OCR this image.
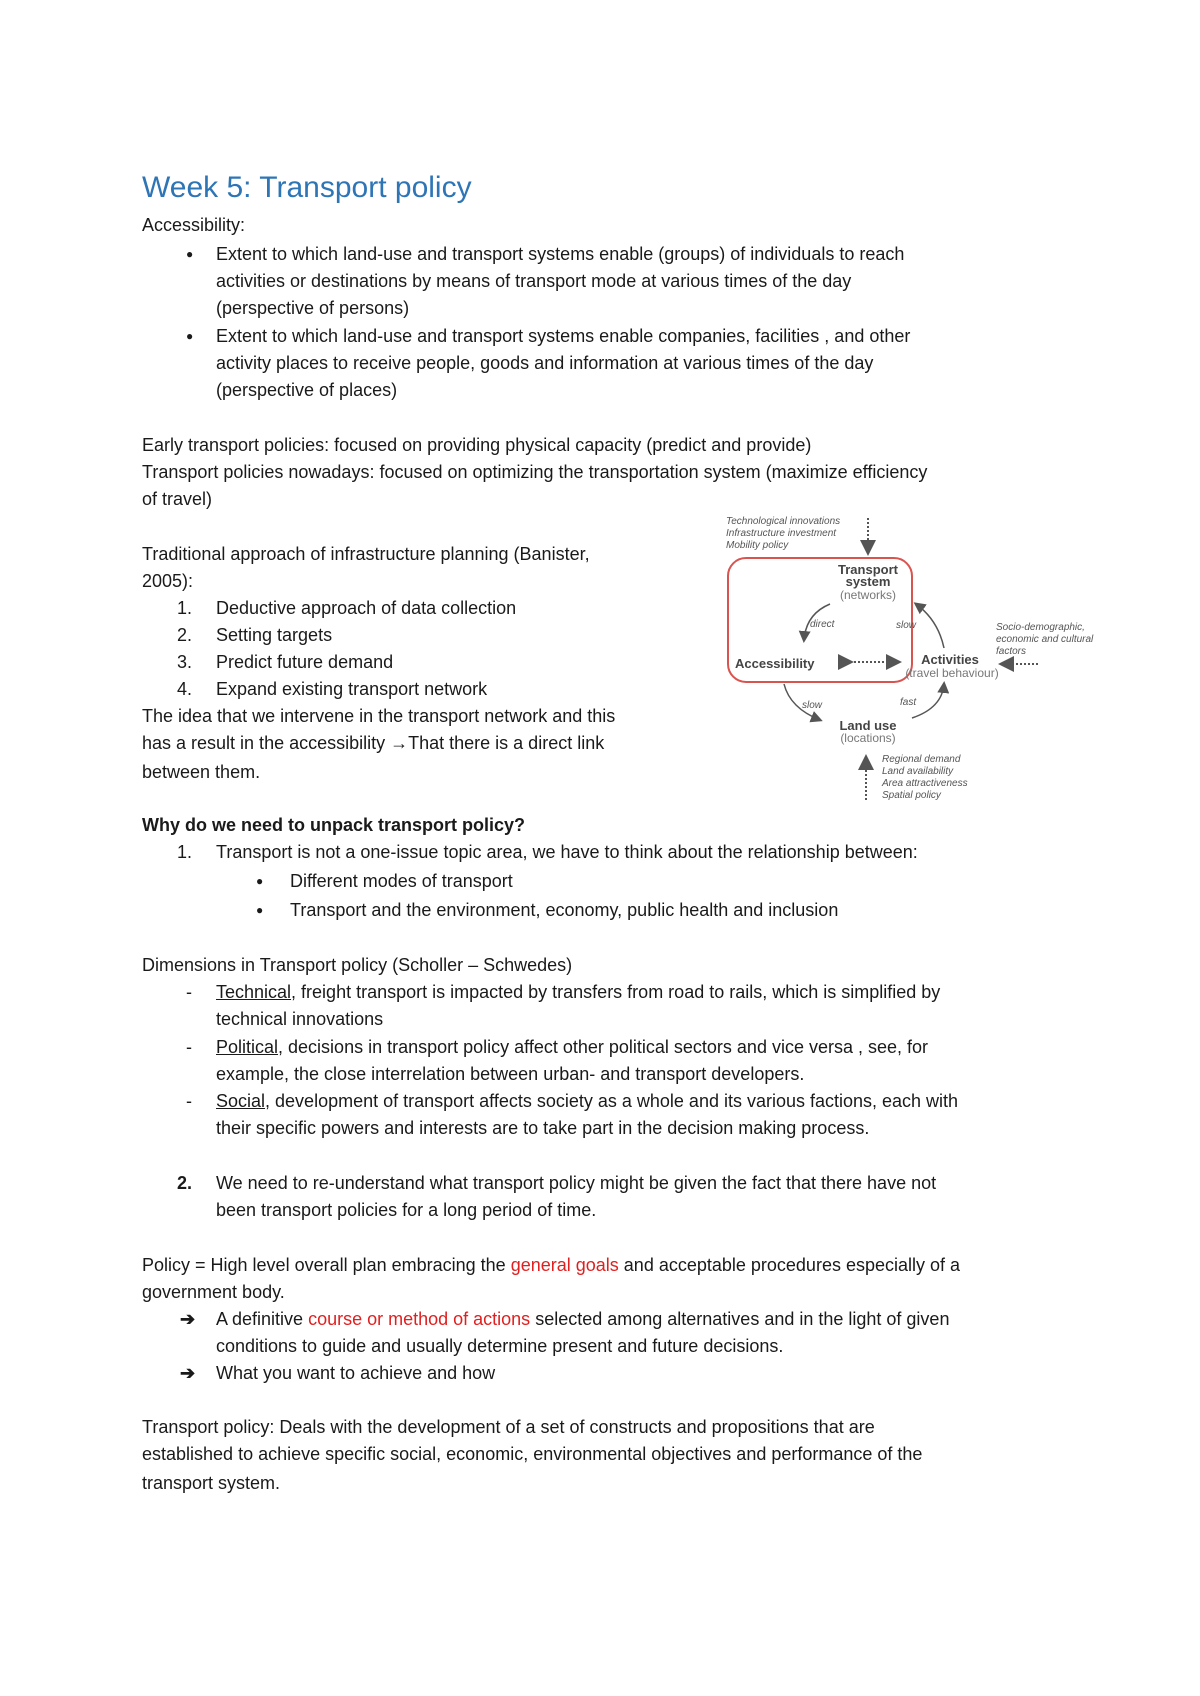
Week 5: Transport policy
Accessibility:
● Extent to which land-use and transport systems enable (groups) of individuals to reach
activities or destinations by means of transport mode at various times of the day
(perspective of persons)
● Extent to which land-use and transport systems enable companies, facilities , and other
activity places to receive people, goods and information at various times of the day
(perspective of places)
Early transport policies: focused on providing physical capacity (predict and provide)
Transport policies nowadays: focused on optimizing the transportation system (maximize efficiency
of travel)
Traditional approach of infrastructure planning (Banister,
2005):
1. Deductive approach of data collection
2. Setting targets
3. Predict future demand
4. Expand existing transport network
The idea that we intervene in the transport network and this
has a result in the accessibility →That there is a direct link
between them.
Technological innovations
Infrastructure investment
Mobility policy
Transport
system
(networks)
Accessibility	Activities
(travel behaviour)
direct	slow
slow	fast
Land use
(locations)
Socio-demographic,
economic and cultural
factors
Regional demand
Land availability
Area attractiveness
Spatial policy
Why do we need to unpack transport policy?
1. Transport is not a one-issue topic area, we have to think about the relationship between:
● Different modes of transport
● Transport and the environment, economy, public health and inclusion
Dimensions in Transport policy (Scholler – Schwedes)
- Technical, freight transport is impacted by transfers from road to rails, which is simplified by
technical innovations
- Political, decisions in transport policy affect other political sectors and vice versa , see, for
example, the close interrelation between urban- and transport developers.
- Social, development of transport affects society as a whole and its various factions, each with
their specific powers and interests are to take part in the decision making process.
2. We need to re-understand what transport policy might be given the fact that there have not
been transport policies for a long period of time.
Policy = High level overall plan embracing the general goals and acceptable procedures especially of a
government body.
➔ A definitive course or method of actions selected among alternatives and in the light of given
conditions to guide and usually determine present and future decisions.
➔ What you want to achieve and how
Transport policy: Deals with the development of a set of constructs and propositions that are
established to achieve specific social, economic, environmental objectives and performance of the
transport system.
